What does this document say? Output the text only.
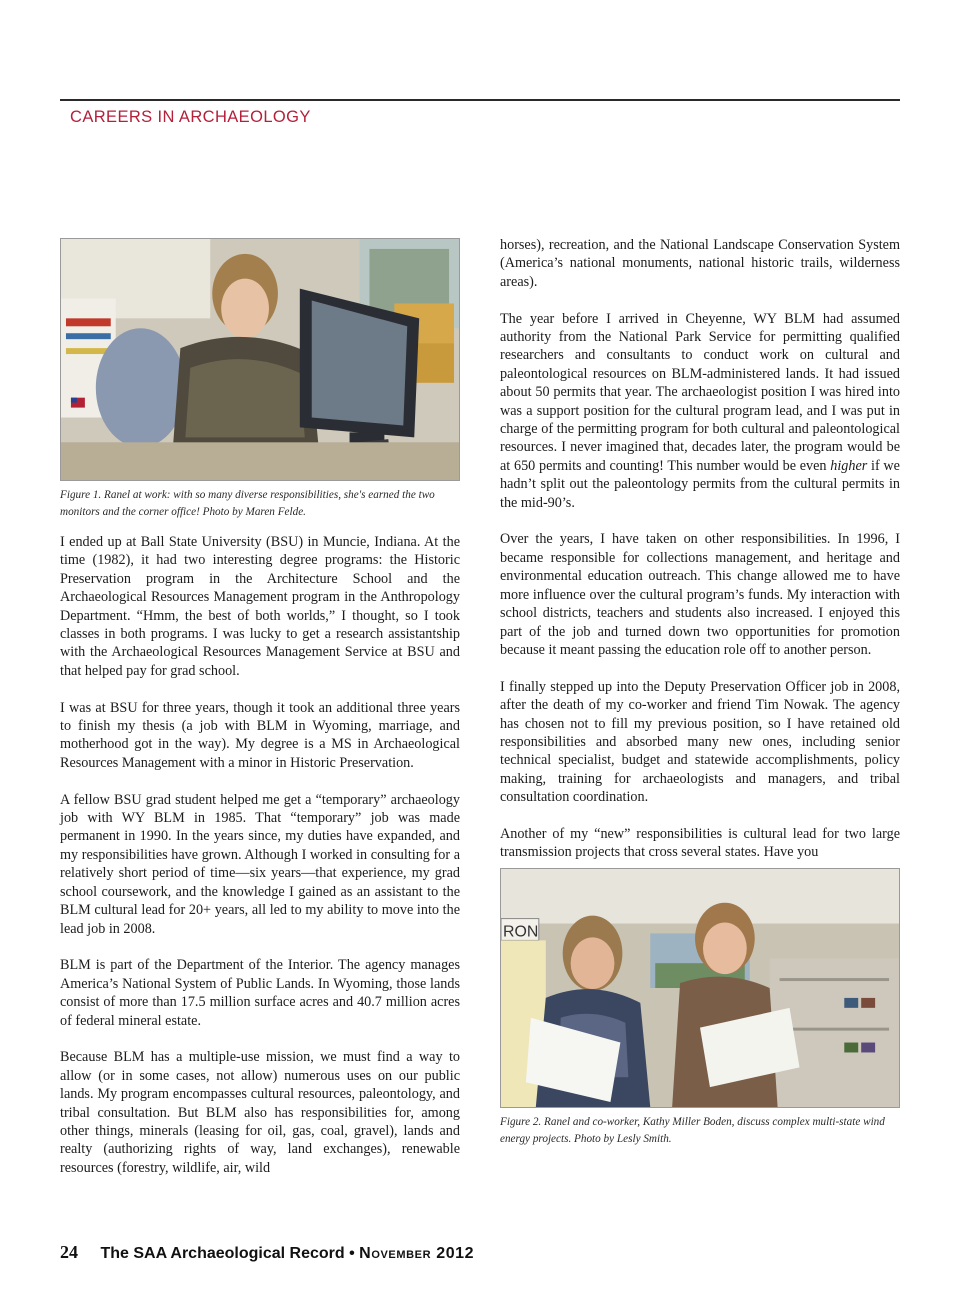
CAREERS IN ARCHAEOLOGY
Figure 1. Ranel at work: with so many diverse responsibilities, she's earned the two monitors and the corner office! Photo by Maren Felde.

I ended up at Ball State University (BSU) in Muncie, Indiana. At the time (1982), it had two interesting degree programs: the Historic Preservation program in the Architecture School and the Archaeological Resources Management program in the Anthropology Department. “Hmm, the best of both worlds,” I thought, so I took classes in both programs. I was lucky to get a research assistantship with the Archaeological Resources Management Service at BSU and that helped pay for grad school.

I was at BSU for three years, though it took an additional three years to finish my thesis (a job with BLM in Wyoming, marriage, and motherhood got in the way). My degree is a MS in Archaeological Resources Management with a minor in Historic Preservation.

A fellow BSU grad student helped me get a “temporary” archaeology job with WY BLM in 1985. That “temporary” job was made permanent in 1990. In the years since, my duties have expanded, and my responsibilities have grown. Although I worked in consulting for a relatively short period of time—six years—that experience, my grad school coursework, and the knowledge I gained as an assistant to the BLM cultural lead for 20+ years, all led to my ability to move into the lead job in 2008.

BLM is part of the Department of the Interior. The agency manages America’s National System of Public Lands. In Wyoming, those lands consist of more than 17.5 million surface acres and 40.7 million acres of federal mineral estate.

Because BLM has a multiple-use mission, we must find a way to allow (or in some cases, not allow) numerous uses on our public lands. My program encompasses cultural resources, paleontology, and tribal consultation. But BLM also has responsibilities for, among other things, minerals (leasing for oil, gas, coal, gravel), lands and realty (authorizing rights of way, land exchanges), renewable resources (forestry, wildlife, air, wild

horses), recreation, and the National Landscape Conservation System (America’s national monuments, national historic trails, wilderness areas).

The year before I arrived in Cheyenne, WY BLM had assumed authority from the National Park Service for permitting qualified researchers and consultants to conduct work on cultural and paleontological resources on BLM-administered lands. It had issued about 50 permits that year. The archaeologist position I was hired into was a support position for the cultural program lead, and I was put in charge of the permitting program for both cultural and paleontological resources. I never imagined that, decades later, the program would be at 650 permits and counting! This number would be even higher if we hadn’t split out the paleontology permits from the cultural permits in the mid-90’s.

Over the years, I have taken on other responsibilities. In 1996, I became responsible for collections management, and heritage and environmental education outreach. This change allowed me to have more influence over the cultural program’s funds. My interaction with school districts, teachers and students also increased. I enjoyed this part of the job and turned down two opportunities for promotion because it meant passing the education role off to another person.

I finally stepped up into the Deputy Preservation Officer job in 2008, after the death of my co-worker and friend Tim Nowak. The agency has chosen not to fill my previous position, so I have retained old responsibilities and absorbed many new ones, including senior technical specialist, budget and statewide accomplishments, policy making, training for archaeologists and managers, and tribal consultation coordination.

Another of my “new” responsibilities is cultural lead for two large transmission projects that cross several states. Have you

RON
Figure 2. Ranel and co-worker, Kathy Miller Boden, discuss complex multi-state wind energy projects. Photo by Lesly Smith.
24 The SAA Archaeological Record • November 2012
